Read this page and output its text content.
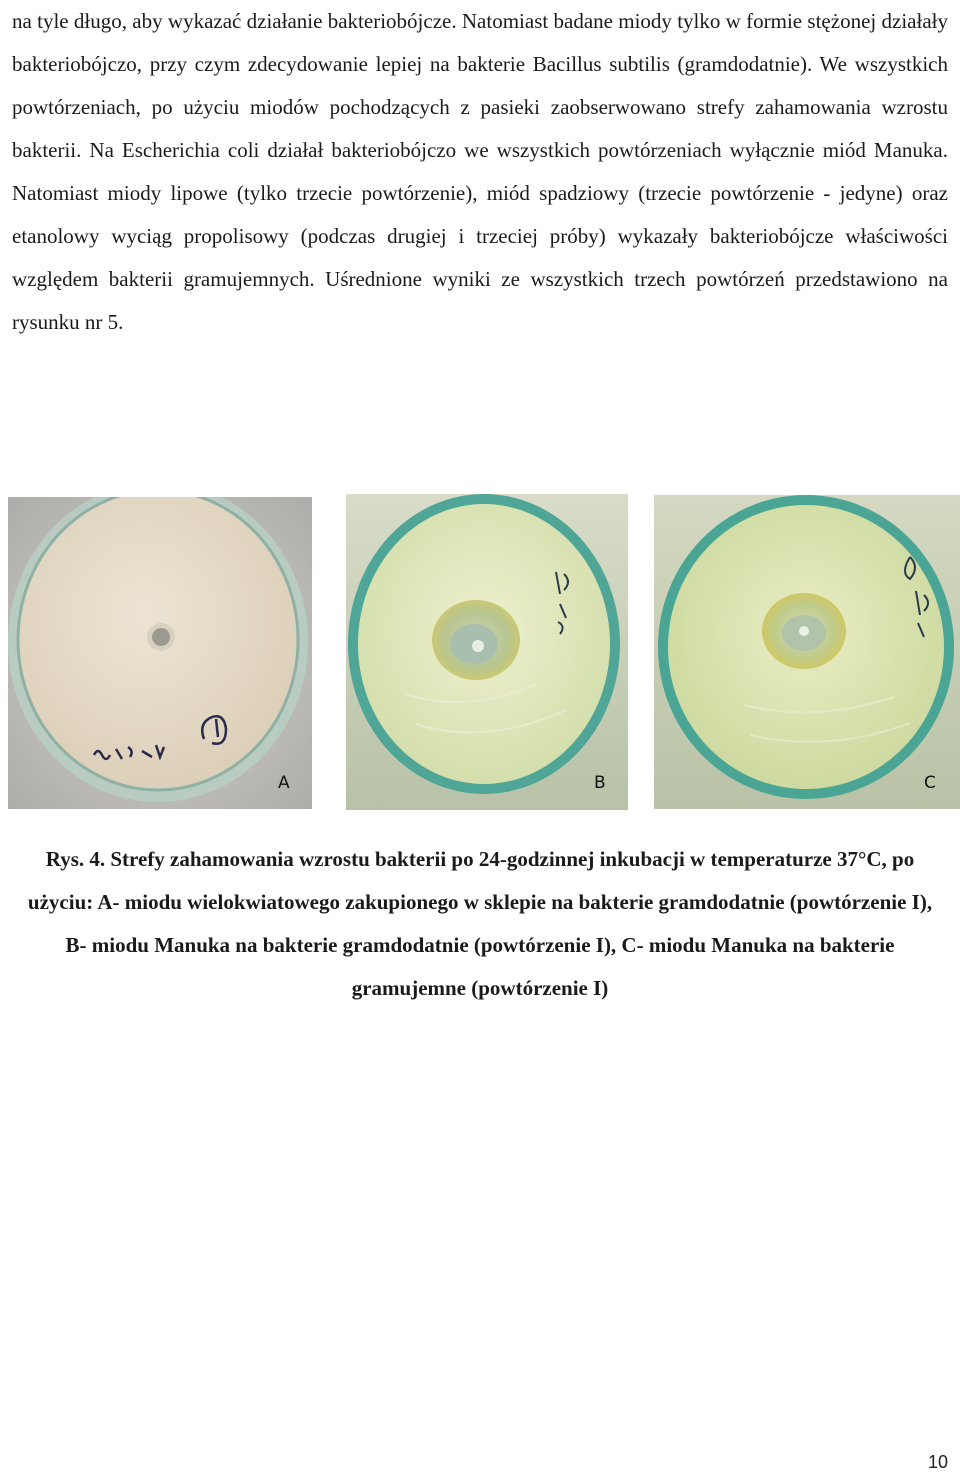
na tyle długo, aby wykazać działanie bakteriobójcze. Natomiast badane miody tylko w formie stężonej działały bakteriobójczo, przy czym zdecydowanie lepiej na bakterie Bacillus subtilis (gramdodatnie). We wszystkich powtórzeniach, po użyciu miodów pochodzących z pasieki zaobserwowano strefy zahamowania wzrostu bakterii. Na Escherichia coli działał bakteriobójczo we wszystkich powtórzeniach wyłącznie miód Manuka. Natomiast miody lipowe (tylko trzecie powtórzenie), miód spadziowy (trzecie powtórzenie - jedyne) oraz etanolowy wyciąg propolisowy (podczas drugiej i trzeciej próby) wykazały bakteriobójcze właściwości względem bakterii gramujemnych. Uśrednione wyniki ze wszystkich trzech powtórzeń przedstawiono na rysunku nr 5.

A	B	C

Rys. 4. Strefy zahamowania wzrostu bakterii po 24-godzinnej inkubacji w temperaturze 37°C, po użyciu: A- miodu wielokwiatowego zakupionego w sklepie na bakterie gramdodatnie (powtórzenie I), B- miodu Manuka na bakterie gramdodatnie (powtórzenie I), C- miodu Manuka na bakterie gramujemne (powtórzenie I)

10
